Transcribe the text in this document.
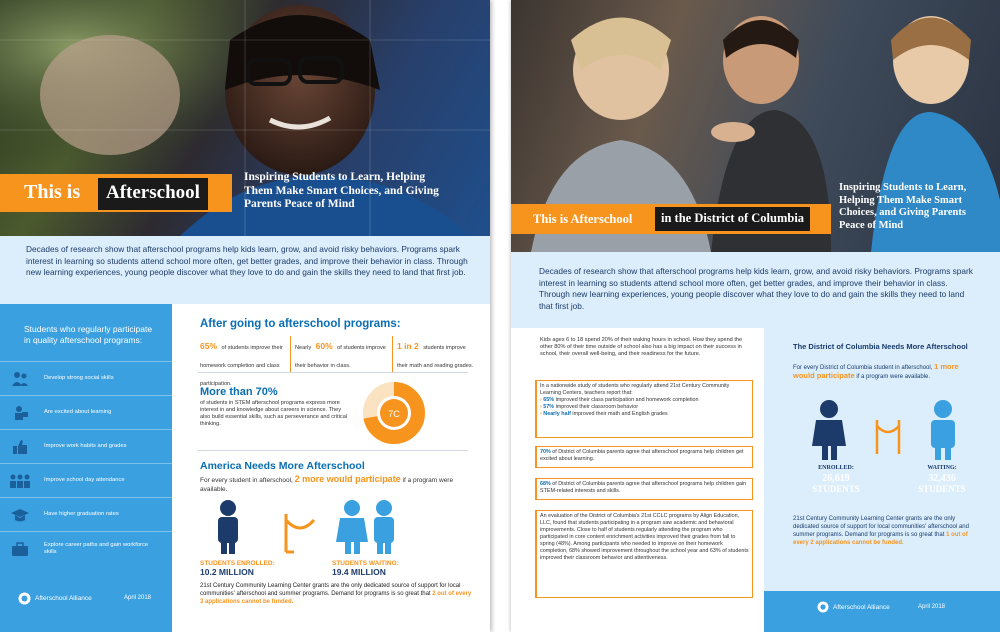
This is	Afterschool
Inspiring Students to Learn, Helping Them Make Smart Choices, and Giving Parents Peace of Mind
Decades of research show that afterschool programs help kids learn, grow, and avoid risky behaviors. Programs spark interest in learning so students attend school more often, get better grades, and improve their behavior in class. Through new learning experiences, young people discover what they love to do and gain the skills they need to land that first job.
Students who regularly participate in quality afterschool programs:
Develop strong social skills
Are excited about learning
Improve work habits and grades
Improve school day attendance
Have higher graduation rates
Explore career paths and gain workforce skills
Afterschool Alliance	April 2018
After going to afterschool programs:
65% of students improve their homework completion and class participation.
Nearly 60% of students improve their behavior in class.
1 in 2 students improve their math and reading grades.
More than 70%
of students in STEM afterschool programs express more interest in and knowledge about careers in science. They also build essential skills, such as perseverance and critical thinking.
7C
America Needs More Afterschool
For every student in afterschool, 2 more would participate if a program were available.
STUDENTS ENROLLED:
10.2 MILLION
STUDENTS WAITING:
19.4 MILLION
21st Century Community Learning Center grants are the only dedicated source of support for local communities' afterschool and summer programs. Demand for programs is so great that 2 out of every 3 applications cannot be funded.
This is Afterschool	in the District of Columbia
Inspiring Students to Learn, Helping Them Make Smart Choices, and Giving Parents Peace of Mind
Decades of research show that afterschool programs help kids learn, grow, and avoid risky behaviors. Programs spark interest in learning so students attend school more often, get better grades, and improve their behavior in class. Through new learning experiences, young people discover what they love to do and gain the skills they need to land that first job.
Kids ages 6 to 18 spend 20% of their waking hours in school. How they spend the other 80% of their time outside of school also has a big impact on their success in school, their overall well-being, and their readiness for the future.
In a nationwide study of students who regularly attend 21st Century Community Learning Centers, teachers report that:
› 65% improved their class participation and homework completion
› 57% improved their classroom behavior
› Nearly half improved their math and English grades
70% of District of Columbia parents agree that afterschool programs help children get excited about learning.
68% of District of Columbia parents agree that afterschool programs help children gain STEM-related interests and skills.
An evaluation of the District of Columbia's 21st CCLC programs by Align Education, LLC, found that students participating in a program saw academic and behavioral improvements. Close to half of students regularly attending the program who participated in core content enrichment activities improved their grades from fall to spring (48%). Among participants who needed to improve on their homework completion, 68% showed improvement throughout the school year and 63% of students improved their classroom behavior and attentiveness.
The District of Columbia Needs More Afterschool
For every District of Columbia student in afterschool, 1 more would participate if a program were available.
ENROLLED:
26,619
STUDENTS
WAITING:
32,436
STUDENTS
21st Century Community Learning Center grants are the only dedicated source of support for local communities' afterschool and summer programs. Demand for programs is so great that 1 out of every 2 applications cannot be funded.
Afterschool Alliance	April 2018
